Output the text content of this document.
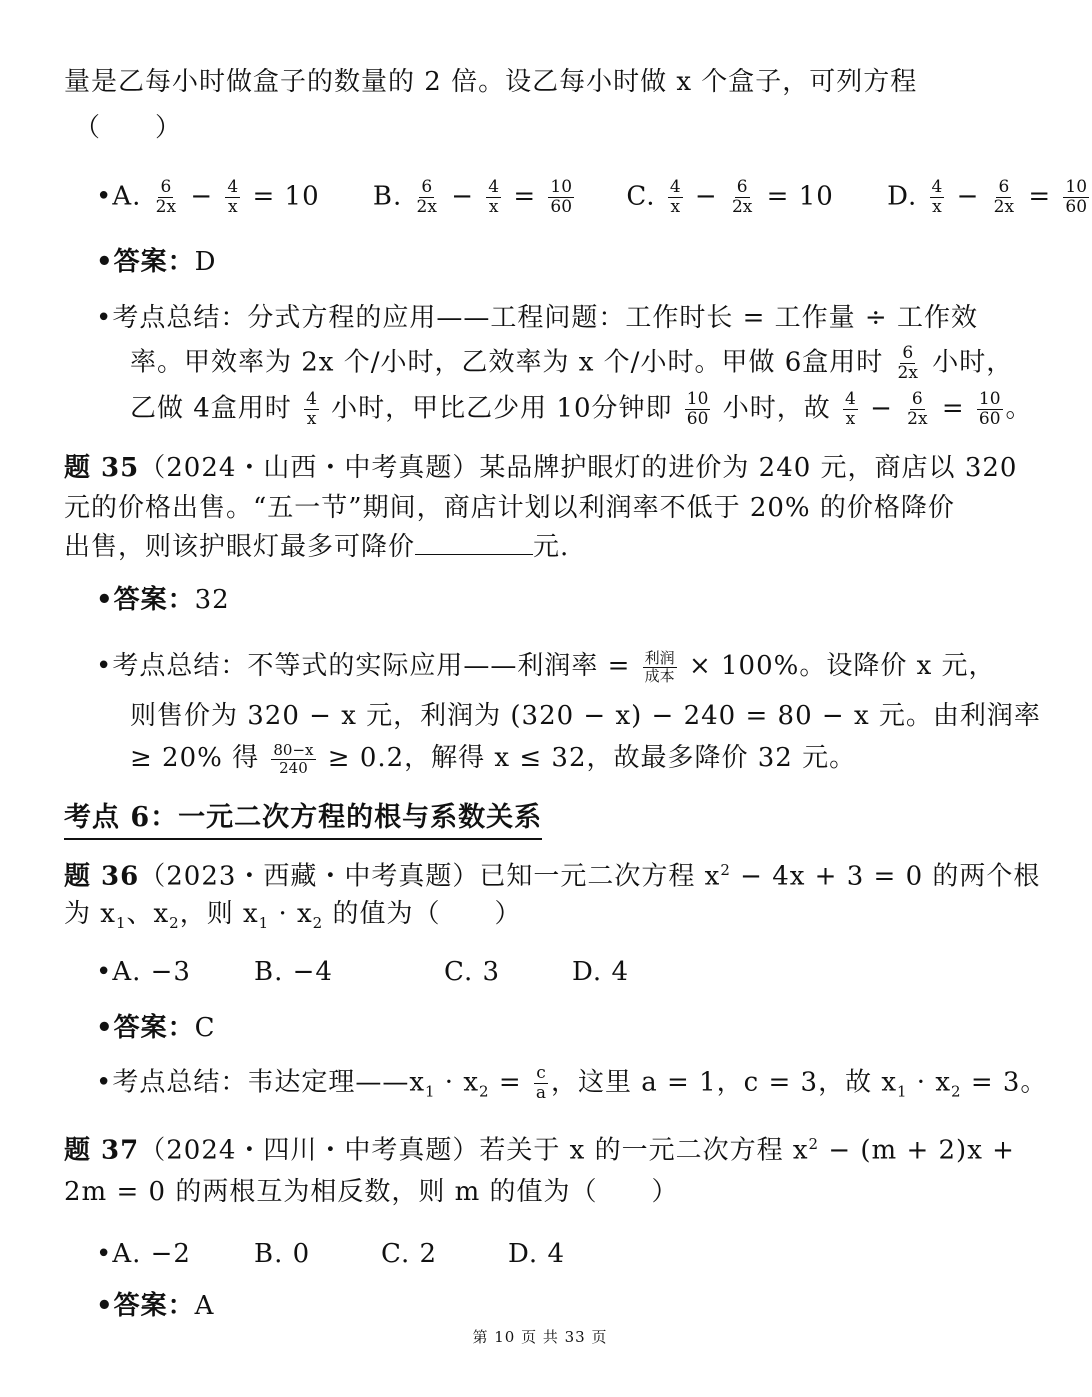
量是乙每小时做盒子的数量的 2 倍。设乙每小时做 x 个盒子，可列方程
（　　）
•A. $\frac{6}{2x} - \frac{4}{x} = 10$ B. $\frac{6}{2x} - \frac{4}{x} = \frac{10}{60} C$. $\frac{4}{x} - \frac{6}{2x} = 10$ D. $\frac{4}{x} - \frac{6}{2x} = \frac{10}{60}$
•答案：D
•考点总结：分式方程的应用——工程问题：工作时长 = 工作量 ÷ 工作效
率。甲效率为 2x 个/小时，乙效率为 x 个/小时。甲做 6盒用时 $\frac{6}{2x}$ 小时，
乙做 4盒用时 $\frac{4}{x}$ 小时，甲比乙少用 10分钟即 $\frac{10}{60}$ 小时，故 $\frac{4}{x} - \frac{6}{2x} = \frac{10}{60}$ 。
题 35（2024・山西・中考真题）某品牌护眼灯的进价为 240 元，商店以 320
元的价格出售。“五一节”期间，商店计划以利润率不低于 20% 的价格降价
出售，则该护眼灯最多可降价	元.
•答案：32
•考点总结：不等式的实际应用——利润率 = $\frac{\text{利润}}{\text{成本}} \times 100\%$。设降价 x 元，
则售价为 320 − x 元，利润为 (320 − x) − 240 = 80 − x 元。由利润率
≥ 20% 得 $\frac{80-x}{240} \ge 0.2$，解得 x ≤ 32，故最多降价 32 元。
考点 6：一元二次方程的根与系数关系
题 36（2023・西藏・中考真题）已知一元二次方程 $x^2 - 4x + 3 = 0$ 的两个根
为 $x_1$、$x_2$，则 $x_1 \cdot x_2$ 的值为（　　）
•A. −3 B. −4	C. 3	D. 4
•答案：C
•考点总结：韦达定理$——x_1 \cdot x_2 = \frac{c}{a}$ ，这里 a = 1，c = 3，故 $x_1 \cdot x_2 = 3$。
题 37（2024・四川・中考真题）若关于 x 的一元二次方程 $x^2 - (m + 2)x$ +
2m = 0 的两根互为相反数，则 m 的值为（　　）
•A. −2 B. 0	C. 2	D. 4
•答案：A
第 10 页 共 33 页
